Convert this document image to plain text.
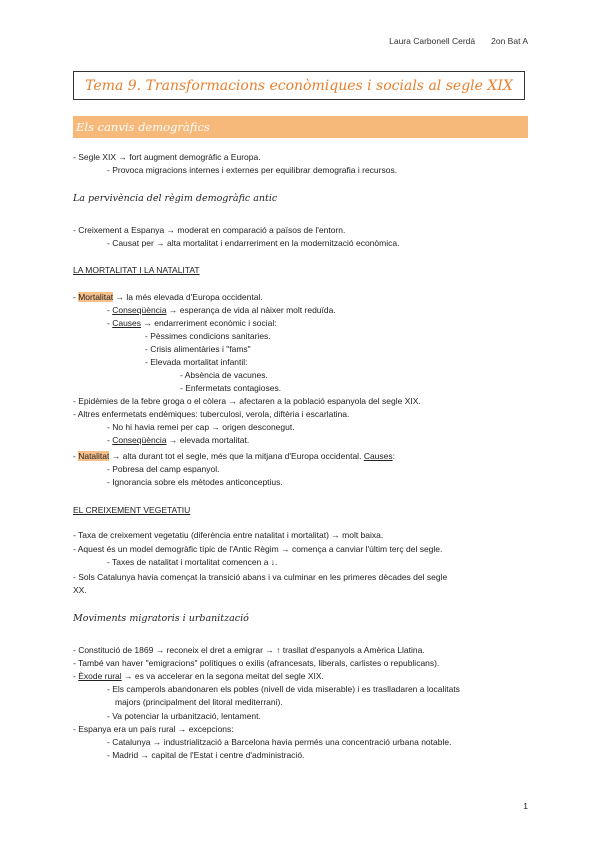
Laura Carbonell Cerdá 2on Bat A
Tema 9. Transformacions econòmiques i socials al segle XIX
Els canvis demogràfics
- Segle XIX → fort augment demogràfic a Europa.
- Provoca migracions internes i externes per equilibrar demografia i recursos.
La pervivència del règim demogràfic antic
- Creixement a Espanya → moderat en comparació a països de l'entorn.
- Causat per → alta mortalitat i endarreriment en la modernització econòmica.
LA MORTALITAT I LA NATALITAT
- Mortalitat → la més elevada d'Europa occidental.
- Conseqüència → esperança de vida al nàixer molt reduïda.
- Causes → endarreriment econòmic i social:
- Pèssimes condicions sanitaries.
- Crisis alimentàries i "fams"
- Elevada mortalitat infantil:
- Absència de vacunes.
- Enfermetats contagioses.
- Epidèmies de la febre groga o el còlera → afectaren a la població espanyola del segle XIX.
- Altres enfermetats endèmiques: tuberculosi, verola, diftèria i escarlatina.
- No hi havia remei per cap → origen desconegut.
- Conseqüència → elevada mortalitat.
- Natalitat → alta durant tot el segle, més que la mitjana d'Europa occidental. Causes:
- Pobresa del camp espanyol.
- Ignorancia sobre els mètodes anticonceptius.
EL CREIXEMENT VEGETATIU
- Taxa de creixement vegetatiu (diferència entre natalitat i mortalitat) → molt baixa.
- Aquest és un model demogràfic típic de l'Antic Règim → comença a canviar l'últim terç del segle.
- Taxes de natalitat i mortalitat comencen a ↓.
- Sols Catalunya havia començat la transició abans i va culminar en les primeres dècades del segle
XX.
Moviments migratoris i urbanització
- Constitució de 1869 → reconeix el dret a emigrar → ↑ trasllat d'espanyols a Amèrica Llatina.
- També van haver "emigracions" polítiques o exilis (afrancesats, liberals, carlistes o republicans).
- Èxode rural → es va accelerar en la segona meitat del segle XIX.
- Els camperols abandonaren els pobles (nivell de vida miserable) i es traslladaren a localitats
majors (principalment del litoral mediterrani).
- Va potenciar la urbanització, lentament.
- Espanya era un país rural → excepcions:
- Catalunya → industrialització a Barcelona havia permés una concentració urbana notable.
- Madrid → capital de l'Estat i centre d'administració.
1
